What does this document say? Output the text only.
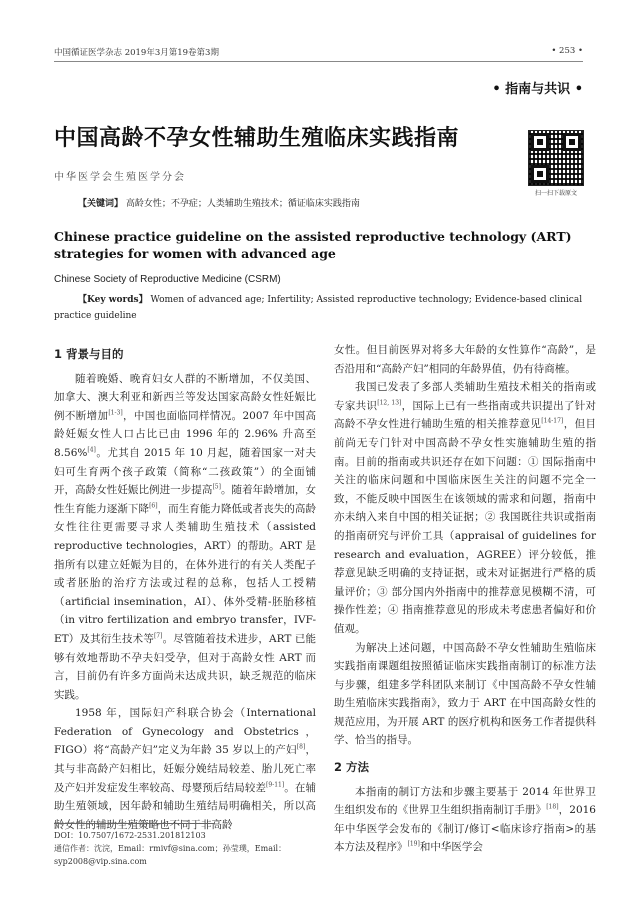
中国循证医学杂志 2019年3月第19卷第3期	• 253 •
• 指南与共识 •
中国高龄不孕女性辅助生殖临床实践指南
中华医学会生殖医学分会
扫一扫下载原文
【关键词】 高龄女性；不孕症；人类辅助生殖技术；循证临床实践指南
Chinese practice guideline on the assisted reproductive technology (ART) strategies for women with advanced age
Chinese Society of Reproductive Medicine (CSRM)
【Key words】 Women of advanced age; Infertility; Assisted reproductive technology; Evidence-based clinical practice guideline

1 背景与目的

随着晚婚、晚育妇女人群的不断增加，不仅美国、加拿大、澳大利亚和新西兰等发达国家高龄女性妊娠比例不断增加[1-3]，中国也面临同样情况。2007 年中国高龄妊娠女性人口占比已由 1996 年的 2.96% 升高至 8.56%[4]。尤其自 2015 年 10 月起，随着国家一对夫妇可生育两个孩子政策（简称“二孩政策”）的全面铺开，高龄女性妊娠比例进一步提高[5]。随着年龄增加，女性生育能力逐渐下降[6]，而生育能力降低或者丧失的高龄女性往往更需要寻求人类辅助生殖技术（assisted reproductive technologies，ART）的帮助。ART 是指所有以建立妊娠为目的，在体外进行的有关人类配子或者胚胎的治疗方法或过程的总称，包括人工授精（artificial insemination，AI）、体外受精-胚胎移植（in vitro fertilization and embryo transfer，IVF-ET）及其衍生技术等[7]。尽管随着技术进步，ART 已能够有效地帮助不孕夫妇受孕，但对于高龄女性 ART 而言，目前仍有许多方面尚未达成共识，缺乏规范的临床实践。

1958 年，国际妇产科联合协会（International Federation of Gynecology and Obstetrics，FIGO）将“高龄产妇”定义为年龄 35 岁以上的产妇[8]，其与非高龄产妇相比，妊娠分娩结局较差、胎儿死亡率及产妇并发症发生率较高、母婴预后结局较差[9-11]。在辅助生殖领域，因年龄和辅助生殖结局明确相关，所以高龄女性的辅助生殖策略也不同于非高龄

女性。但目前医界对将多大年龄的女性算作“高龄”，是否沿用和“高龄产妇”相同的年龄界值，仍有待商榷。

我国已发表了多部人类辅助生殖技术相关的指南或专家共识[12, 13]，国际上已有一些指南或共识提出了针对高龄不孕女性进行辅助生殖的相关推荐意见[14-17]，但目前尚无专门针对中国高龄不孕女性实施辅助生殖的指南。目前的指南或共识还存在如下问题：① 国际指南中关注的临床问题和中国临床医生关注的问题不完全一致，不能反映中国医生在该领域的需求和问题，指南中亦未纳入来自中国的相关证据；② 我国既往共识或指南的指南研究与评价工具（appraisal of guidelines for research and evaluation，AGREE）评分较低，推荐意见缺乏明确的支持证据，或未对证据进行严格的质量评价；③ 部分国内外指南中的推荐意见模糊不清，可操作性差；④ 指南推荐意见的形成未考虑患者偏好和价值观。

为解决上述问题，中国高龄不孕女性辅助生殖临床实践指南课题组按照循证临床实践指南制订的标准方法与步骤，组建多学科团队来制订《中国高龄不孕女性辅助生殖临床实践指南》，致力于 ART 在中国高龄女性的规范应用，为开展 ART 的医疗机构和医务工作者提供科学、恰当的指导。

2 方法

本指南的制订方法和步骤主要基于 2014 年世界卫生组织发布的《世界卫生组织指南制订手册》[18]，2016 年中华医学会发布的《制订/修订<临床诊疗指南>的基本方法及程序》[19]和中华医学会

DOI：10.7507/1672-2531.201812103
通信作者：沈浣，Email：rmivf@sina.com；孙莹璞，Email：syp2008@vip.sina.com
